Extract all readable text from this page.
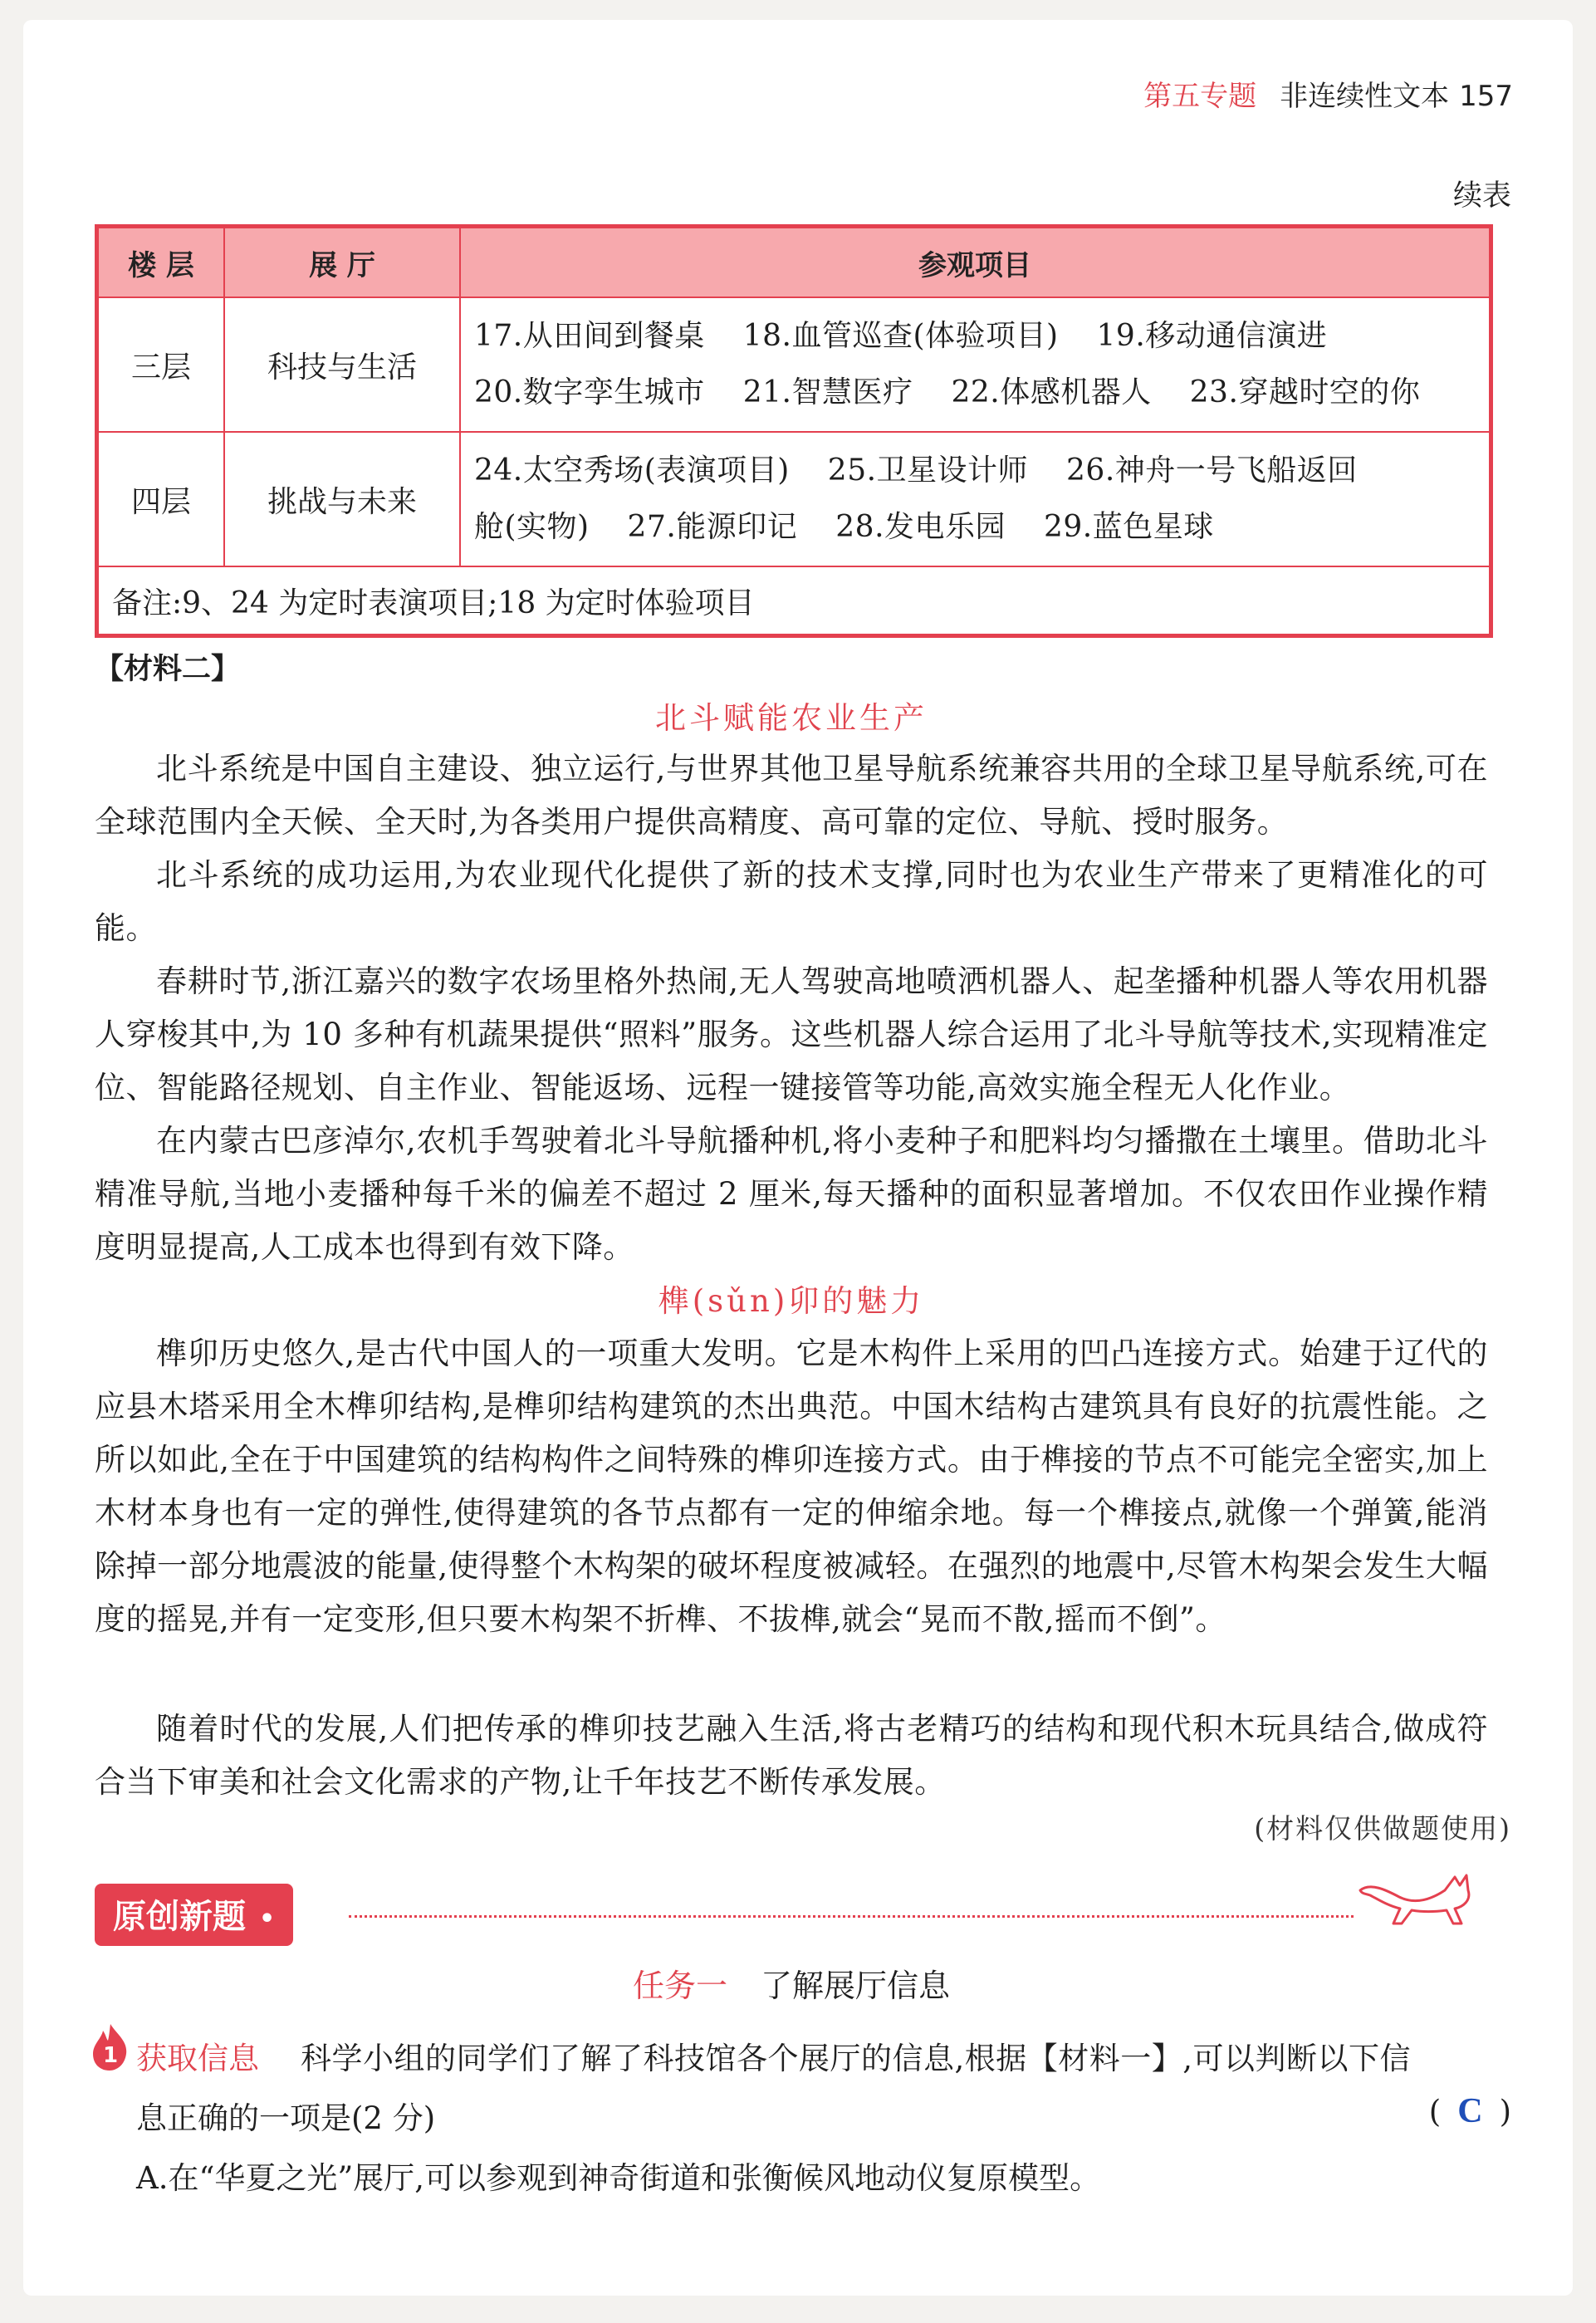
第五专题 非连续性文本 157
续表
楼 层	展 厅	参观项目
三层	科技与生活	17.从田间到餐桌 18.血管巡查(体验项目) 19.移动通信演进
20.数字孪生城市 21.智慧医疗 22.体感机器人 23.穿越时空的你

四层	挑战与未来	24.太空秀场(表演项目) 25.卫星设计师 26.神舟一号飞船返回
舱(实物) 27.能源印记 28.发电乐园 29.蓝色星球

备注:9、24 为定时表演项目;18 为定时体验项目		
【材料二】
北斗赋能农业生产

北斗系统是中国自主建设、独立运行,与世界其他卫星导航系统兼容共用的全球卫星导航系统,可在全球范围内全天候、全天时,为各类用户提供高精度、高可靠的定位、导航、授时服务。

北斗系统的成功运用,为农业现代化提供了新的技术支撑,同时也为农业生产带来了更精准化的可能。

春耕时节,浙江嘉兴的数字农场里格外热闹,无人驾驶高地喷洒机器人、起垄播种机器人等农用机器人穿梭其中,为 10 多种有机蔬果提供“照料”服务。这些机器人综合运用了北斗导航等技术,实现精准定位、智能路径规划、自主作业、智能返场、远程一键接管等功能,高效实施全程无人化作业。

在内蒙古巴彦淖尔,农机手驾驶着北斗导航播种机,将小麦种子和肥料均匀播撒在土壤里。借助北斗精准导航,当地小麦播种每千米的偏差不超过 2 厘米,每天播种的面积显著增加。不仅农田作业操作精度明显提高,人工成本也得到有效下降。

榫(sǔn)卯的魅力

榫卯历史悠久,是古代中国人的一项重大发明。它是木构件上采用的凹凸连接方式。始建于辽代的应县木塔采用全木榫卯结构,是榫卯结构建筑的杰出典范。中国木结构古建筑具有良好的抗震性能。之所以如此,全在于中国建筑的结构构件之间特殊的榫卯连接方式。由于榫接的节点不可能完全密实,加上木材本身也有一定的弹性,使得建筑的各节点都有一定的伸缩余地。每一个榫接点,就像一个弹簧,能消除掉一部分地震波的能量,使得整个木构架的破坏程度被减轻。在强烈的地震中,尽管木构架会发生大幅度的摇晃,并有一定变形,但只要木构架不折榫、不拔榫,就会“晃而不散,摇而不倒”。

随着时代的发展,人们把传承的榫卯技艺融入生活,将古老精巧的结构和现代积木玩具结合,做成符合当下审美和社会文化需求的产物,让千年技艺不断传承发展。

(材料仅供做题使用)
原创新题 •
任务一 了解展厅信息
1 获取信息 科学小组的同学们了解了科技馆各个展厅的信息,根据【材料一】,可以判断以下信
息正确的一项是(2 分)	( C )
A.在“华夏之光”展厅,可以参观到神奇街道和张衡候风地动仪复原模型。
